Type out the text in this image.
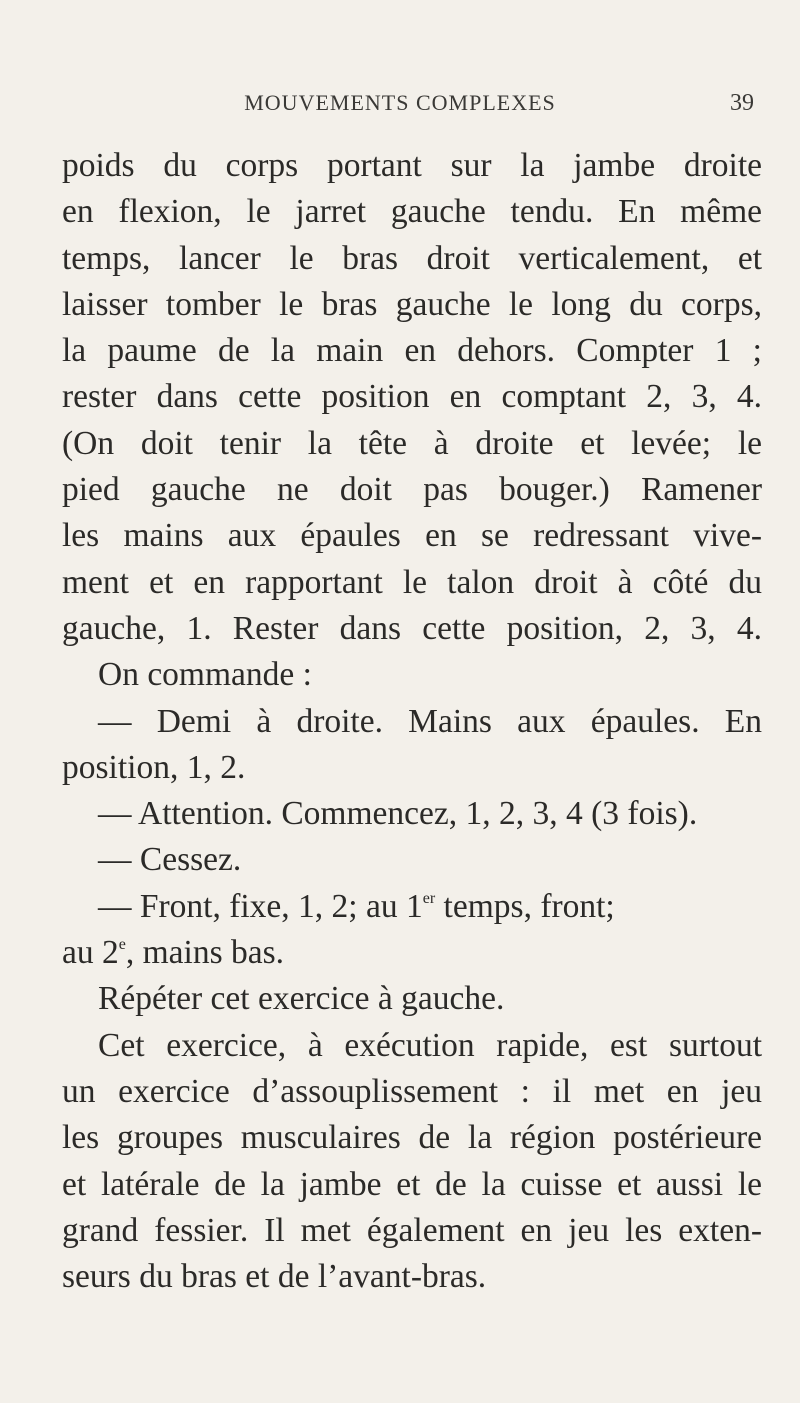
MOUVEMENTS COMPLEXES	39
poids du corps portant sur la jambe droite
en flexion, le jarret gauche tendu. En même
temps, lancer le bras droit verticalement, et
laisser tomber le bras gauche le long du corps,
la paume de la main en dehors. Compter 1 ;
rester dans cette position en comptant 2, 3, 4.
(On doit tenir la tête à droite et levée; le
pied gauche ne doit pas bouger.) Ramener
les mains aux épaules en se redressant vive-
ment et en rapportant le talon droit à côté du
gauche, 1. Rester dans cette position, 2, 3, 4.
On commande :
— Demi à droite. Mains aux épaules. En
position, 1, 2.
— Attention. Commencez, 1, 2, 3, 4 (3 fois).
— Cessez.
— Front, fixe, 1, 2; au 1er temps, front;
au 2e, mains bas.
Répéter cet exercice à gauche.
Cet exercice, à exécution rapide, est surtout
un exercice d’assouplissement : il met en jeu
les groupes musculaires de la région postérieure
et latérale de la jambe et de la cuisse et aussi le
grand fessier. Il met également en jeu les exten-
seurs du bras et de l’avant-bras.
